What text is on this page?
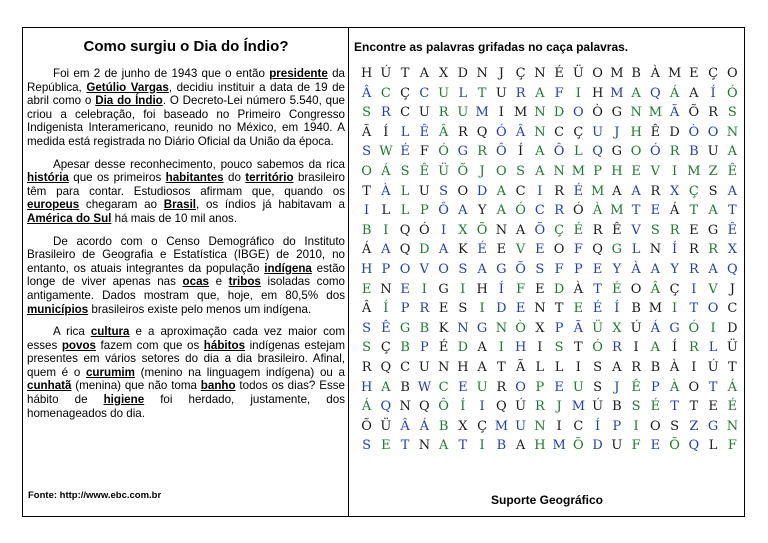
Como surgiu o Dia do Índio?

Foi em 2 de junho de 1943 que o então presidente da República, Getúlio Vargas, decidiu instituir a data de 19 de abril como o Dia do Índio. O Decreto-Lei número 5.540, que criou a celebração, foi baseado no Primeiro Congresso Indigenista Interamericano, reunido no México, em 1940. A medida está registrada no Diário Oficial da União da época.

Apesar desse reconhecimento, pouco sabemos da rica história que os primeiros habitantes do território brasileiro têm para contar. Estudiosos afirmam que, quando os europeus chegaram ao Brasil, os índios já habitavam a América do Sul há mais de 10 mil anos.

De acordo com o Censo Demográfico do Instituto Brasileiro de Geografia e Estatística (IBGE) de 2010, no entanto, os atuais integrantes da população indígena estão longe de viver apenas nas ocas e tribos isoladas como antigamente. Dados mostram que, hoje, em 80,5% dos municípios brasileiros existe pelo menos um indígena.

A rica cultura e a aproximação cada vez maior com esses povos fazem com que os hábitos indígenas estejam presentes em vários setores do dia a dia brasileiro. Afinal, quem é o curumim (menino na linguagem indígena) ou a cunhatã (menina) que não toma banho todos os dias? Esse hábito de higiene foi herdado, justamente, dos homenageados do dia.

Fonte: http://www.ebc.com.br
Encontre as palavras grifadas no caça palavras.
H Ú T A X D N J Ç N É Ü O M B À M E Ç O
Â C Ç C U L T U R A F I H M A Q Á A Í Ó
S R C U R U M I M N D O Ò G N M Ã Õ R S
Ã Í L Ê Â R Q Ó Â N C Ç U J H Ê D Ò O N
S W É F Ó G R Ô Í A Ô L Q G O Ó R B U A
O Á S Ê Ü Õ J O S A N M P H E V I M Z Ê
T À L U S O D A C I R É M A A R X Ç S A
I L L P Ô A Y A Ó C R Ó À M T E Á T A T
B I Q Ó I X Õ N A Õ Ç É R Ê V S R E G Ê
Á A Q D A K É E V E O F Q G L N Í R R X
H P O V O S A G Õ S F P E Y À A Y R A Q
E N E I G I H Í F E D À T É O Â Ç I V J
Â Í P R E S I D E N T E É Í B M I T O C
S Ê G B K N G N Ò X P Ã Ü X Ú Á G Ó I D
S Ç B P É D A I H I S T Ó R I A Í R L Ü
R Q C U N H A T Ã L L I S A R B À I Ú T
H A B W C E U R O P E U S J Ê P À O T Á
Á Q N Q Ô Í	I Q Ú R J M Ú B S É T T E É
Õ Ü Â Á B X Ç M U N I C Í P I O S Z G N
S E T N A T I B A H M Õ D U F E Õ Q L F
Suporte Geográfico
